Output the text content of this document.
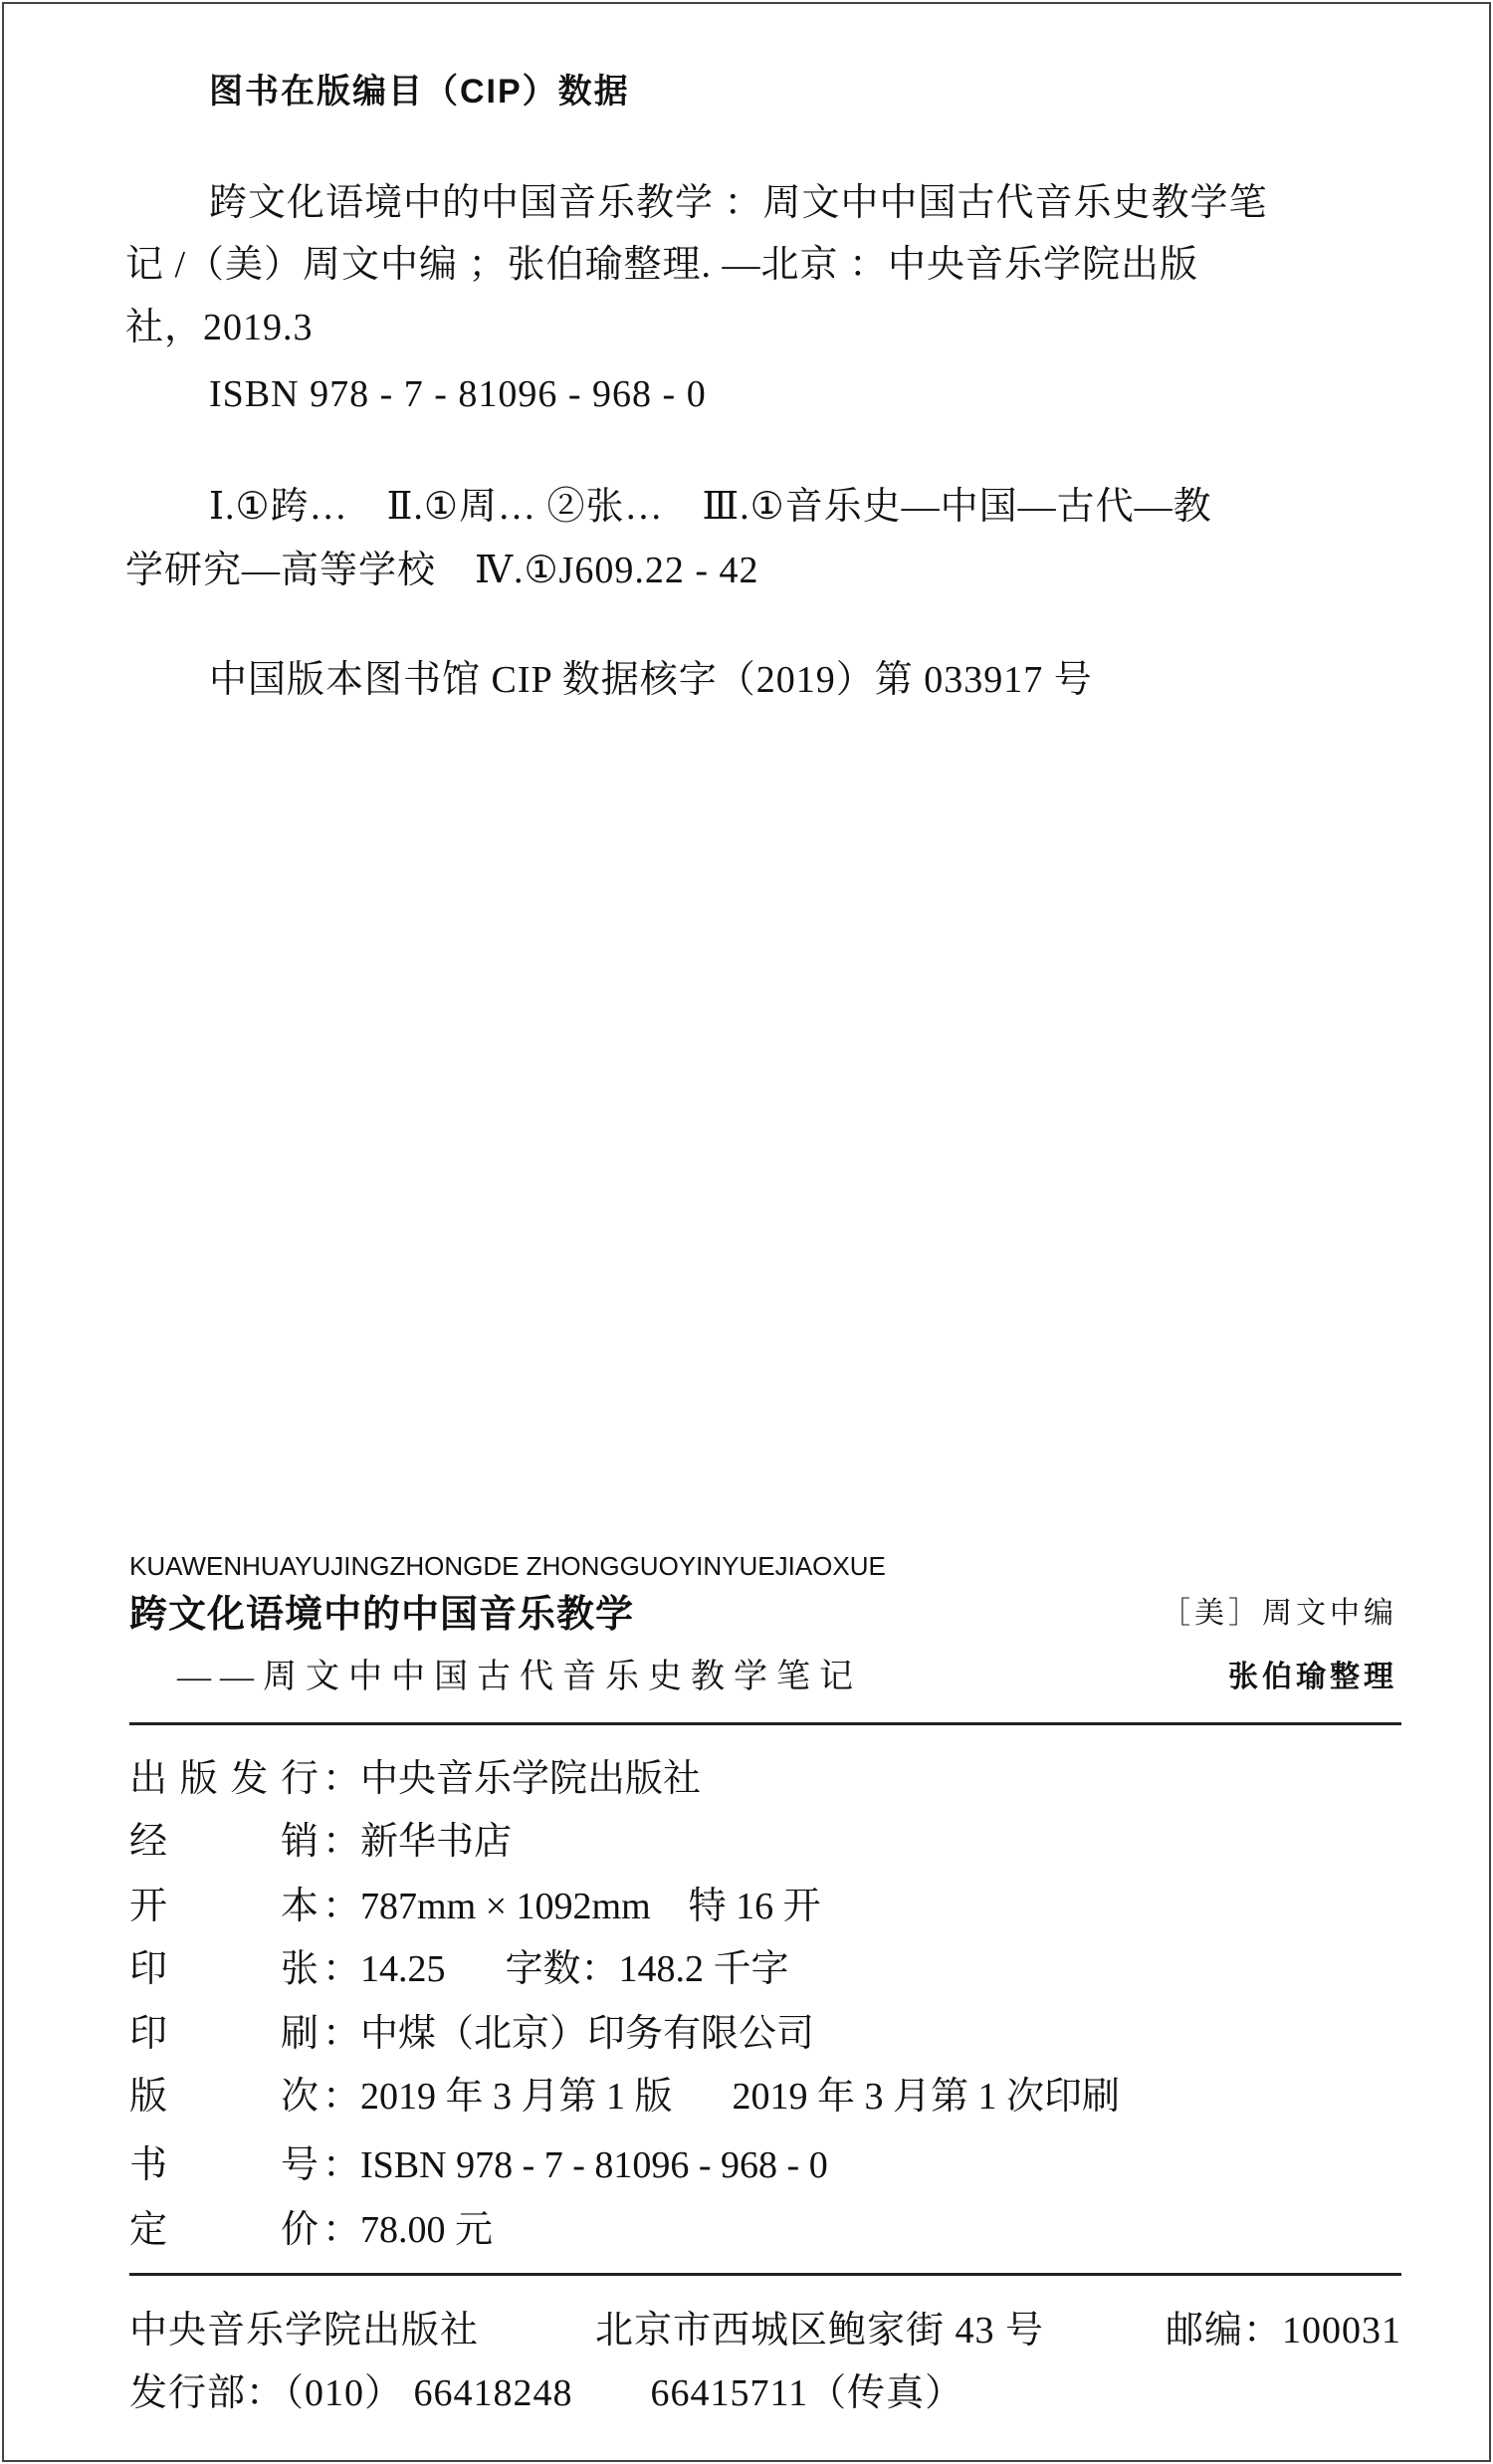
图书在版编目（CIP）数据
跨文化语境中的中国音乐教学 ：周文中中国古代音乐史教学笔
记 /（美）周文中编 ；张伯瑜整理. —北京 ：中央音乐学院出版
社，2019.3
ISBN 978 - 7 - 81096 - 968 - 0
Ⅰ.①跨…　Ⅱ.①周… ②张…　Ⅲ.①音乐史—中国—古代—教
学研究—高等学校　Ⅳ.①J609.22 - 42
中国版本图书馆 CIP 数据核字（2019）第 033917 号
KUAWENHUAYUJINGZHONGDE ZHONGGUOYINYUEJIAOXUE
跨文化语境中的中国音乐教学	［美］周文中编
——周文中中国古代音乐史教学笔记	张伯瑜整理
出版发行 ：中央音乐学院出版社
经销 ：新华书店
开本 ：787mm × 1092mm　特 16 开
印张 ：14.25 字数：148.2 千字
印刷 ：中煤（北京）印务有限公司
版次 ：2019 年 3 月第 1 版 2019 年 3 月第 1 次印刷
书号 ：ISBN 978 - 7 - 81096 - 968 - 0
定价 ：78.00 元
中央音乐学院出版社	北京市西城区鲍家街 43 号	邮编：100031
发行部：（010） 66418248　　66415711（传真）
